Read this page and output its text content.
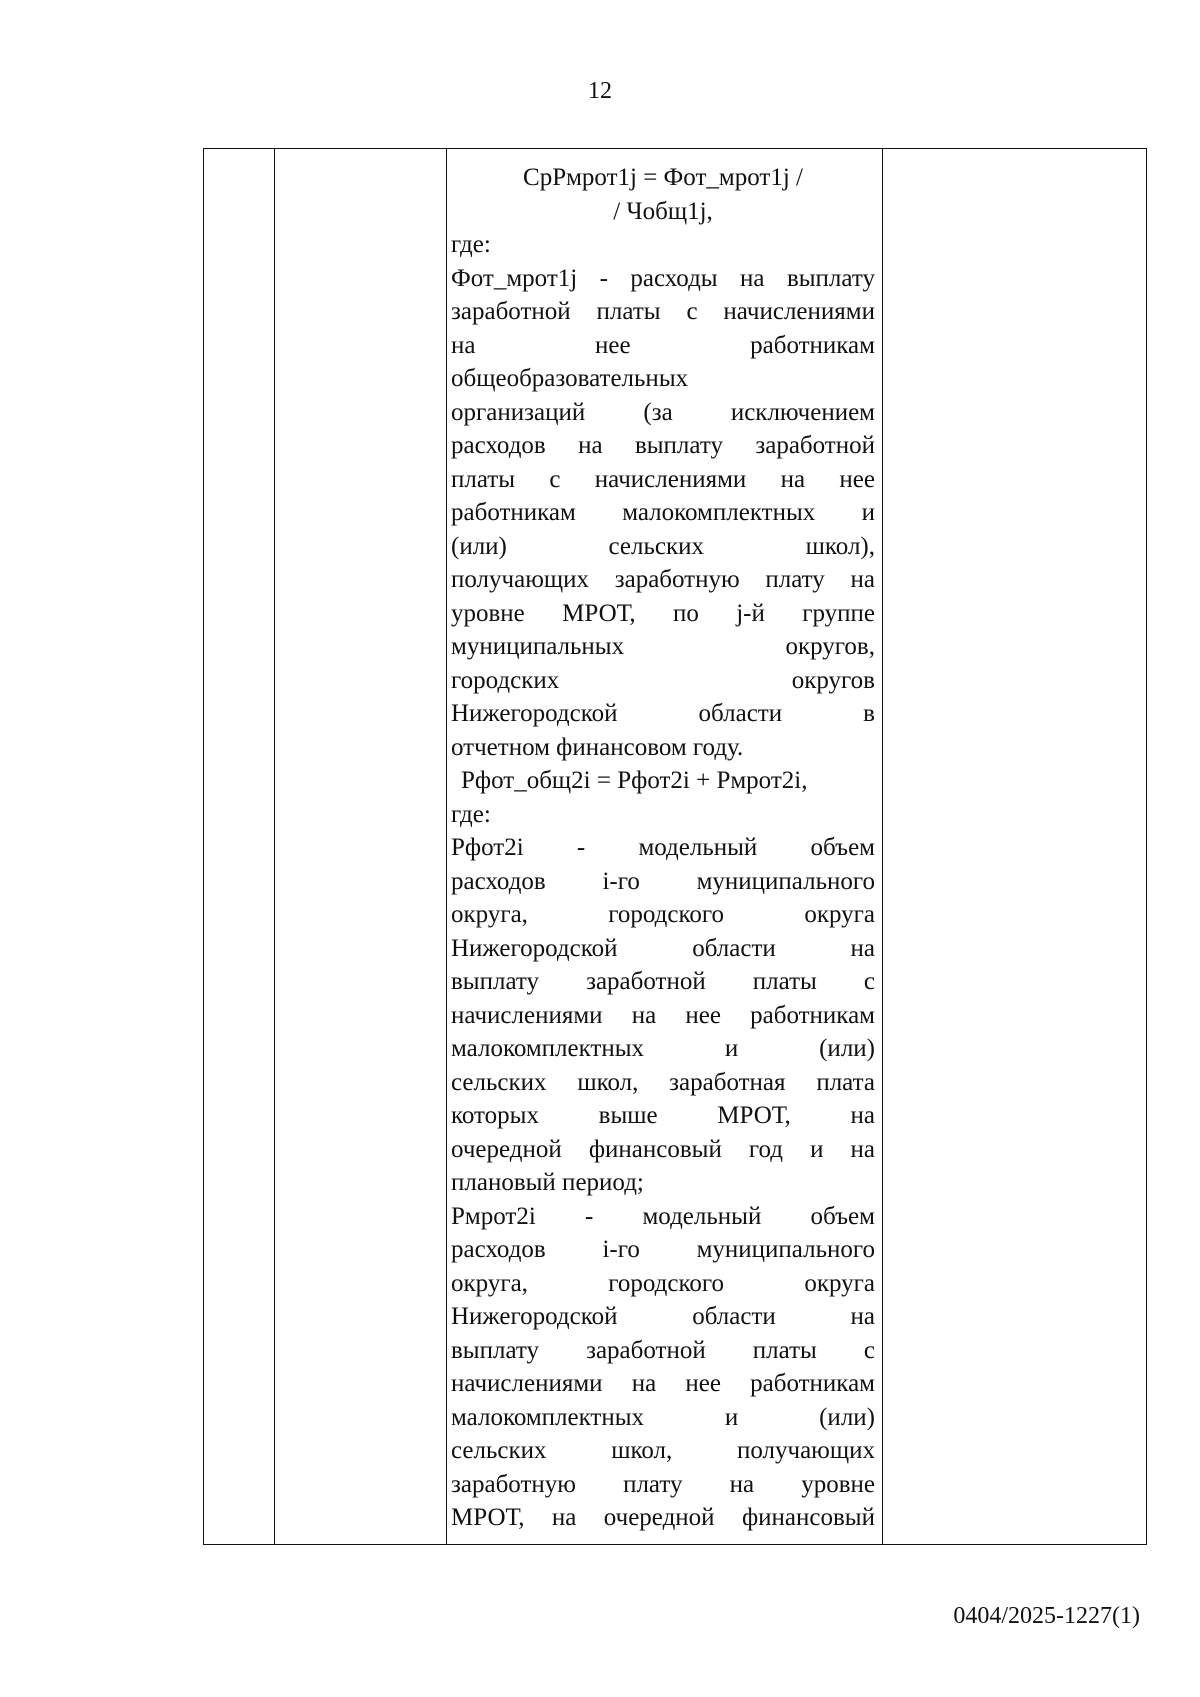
12
СрРмрот1j = Фот_мрот1j /
/ Чобщ1j,
где:
Фот_мрот1j - расходы на выплату
заработной платы с начислениями
на	нее	работникам
общеобразовательных
организаций (за исключением
расходов на выплату заработной
платы с начислениями на нее
работникам малокомплектных и
(или)	сельских	школ),
получающих заработную плату на
уровне МРОТ, по j-й группе
муниципальных	округов,
городских	округов
Нижегородской	области	в
отчетном финансовом году.
Рфот_общ2i = Рфот2i + Рмрот2i,
где:
Рфот2i - модельный объем
расходов i-го муниципального
округа,	городского	округа
Нижегородской	области	на
выплату заработной платы с
начислениями на нее работникам
малокомплектных	и	(или)
сельских школ, заработная плата
которых выше МРОТ, на
очередной финансовый год и на
плановый период;
Рмрот2i - модельный объем
расходов i-го муниципального
округа,	городского	округа
Нижегородской	области	на
выплату заработной платы с
начислениями на нее работникам
малокомплектных	и	(или)
сельских	школ,	получающих
заработную плату на уровне
МРОТ, на очередной финансовый
0404/2025-1227(1)
